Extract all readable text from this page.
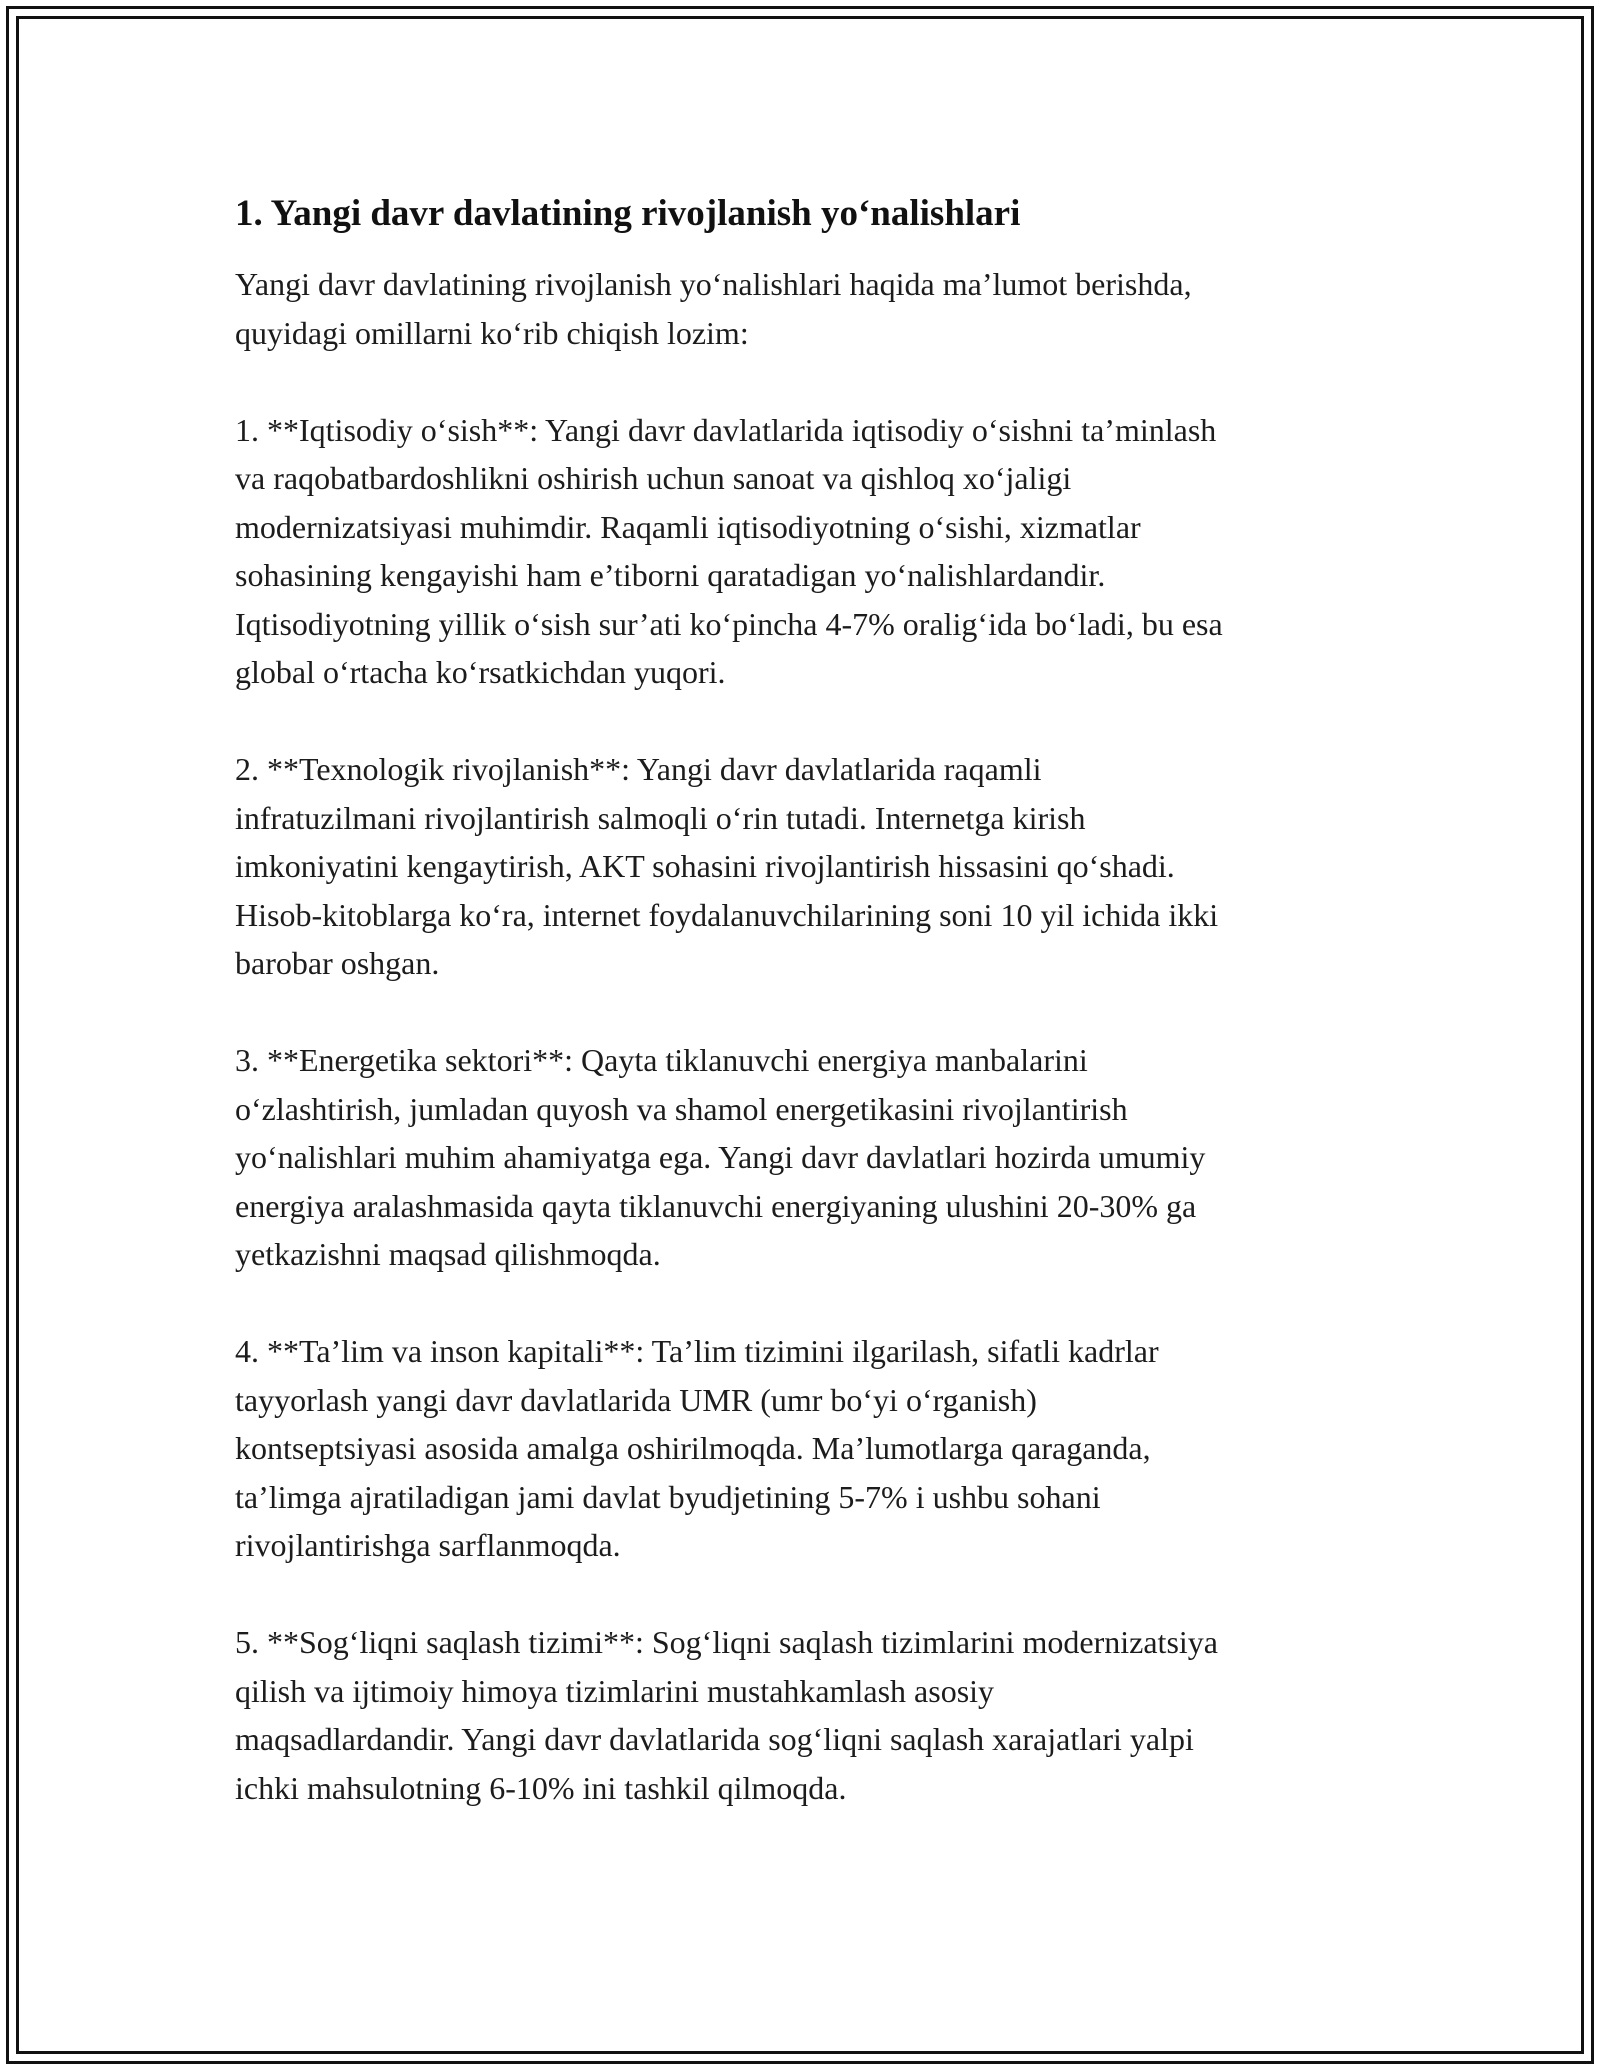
1. Yangi davr davlatining rivojlanish yo‘nalishlari
Yangi davr davlatining rivojlanish yo‘nalishlari haqida ma’lumot berishda,
quyidagi omillarni ko‘rib chiqish lozim:
1. **Iqtisodiy o‘sish**: Yangi davr davlatlarida iqtisodiy o‘sishni ta’minlash
va raqobatbardoshlikni oshirish uchun sanoat va qishloq xo‘jaligi
modernizatsiyasi muhimdir. Raqamli iqtisodiyotning o‘sishi, xizmatlar
sohasining kengayishi ham e’tiborni qaratadigan yo‘nalishlardandir.
Iqtisodiyotning yillik o‘sish sur’ati ko‘pincha 4-7% oralig‘ida bo‘ladi, bu esa
global o‘rtacha ko‘rsatkichdan yuqori.
2. **Texnologik rivojlanish**: Yangi davr davlatlarida raqamli
infratuzilmani rivojlantirish salmoqli o‘rin tutadi. Internetga kirish
imkoniyatini kengaytirish, AKT sohasini rivojlantirish hissasini qo‘shadi.
Hisob-kitoblarga ko‘ra, internet foydalanuvchilarining soni 10 yil ichida ikki
barobar oshgan.
3. **Energetika sektori**: Qayta tiklanuvchi energiya manbalarini
o‘zlashtirish, jumladan quyosh va shamol energetikasini rivojlantirish
yo‘nalishlari muhim ahamiyatga ega. Yangi davr davlatlari hozirda umumiy
energiya aralashmasida qayta tiklanuvchi energiyaning ulushini 20-30% ga
yetkazishni maqsad qilishmoqda.
4. **Ta’lim va inson kapitali**: Ta’lim tizimini ilgarilash, sifatli kadrlar
tayyorlash yangi davr davlatlarida UMR (umr bo‘yi o‘rganish)
kontseptsiyasi asosida amalga oshirilmoqda. Ma’lumotlarga qaraganda,
ta’limga ajratiladigan jami davlat byudjetining 5-7% i ushbu sohani
rivojlantirishga sarflanmoqda.
5. **Sog‘liqni saqlash tizimi**: Sog‘liqni saqlash tizimlarini modernizatsiya
qilish va ijtimoiy himoya tizimlarini mustahkamlash asosiy
maqsadlardandir. Yangi davr davlatlarida sog‘liqni saqlash xarajatlari yalpi
ichki mahsulotning 6-10% ini tashkil qilmoqda.
